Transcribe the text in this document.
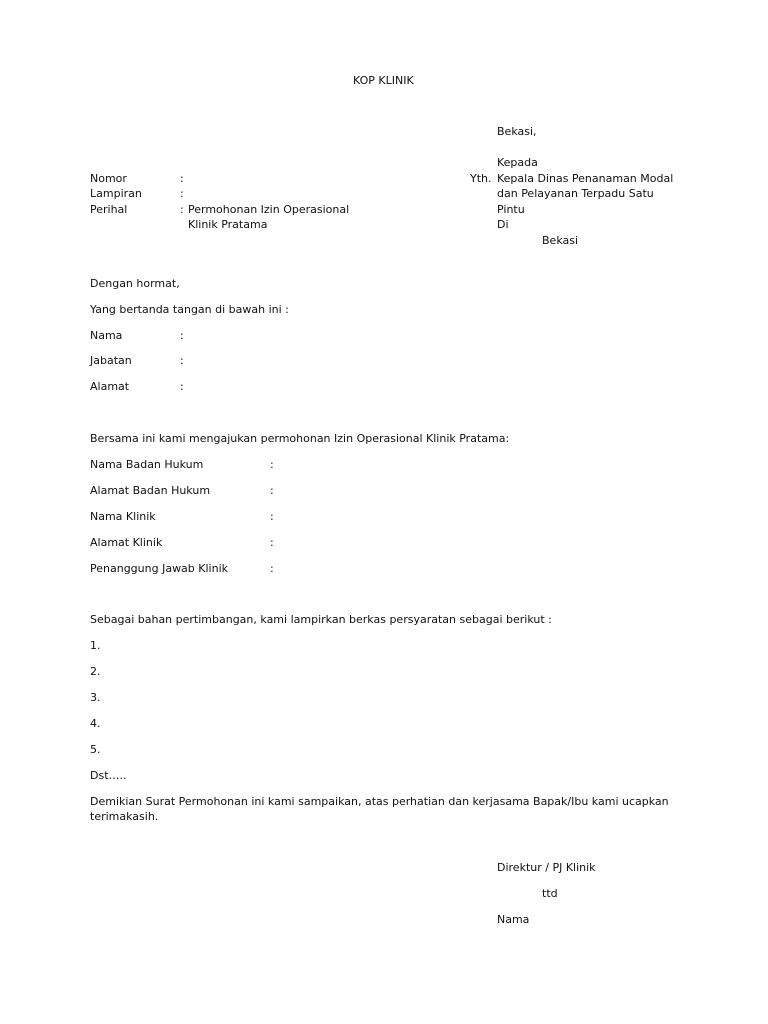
KOP KLINIK
Bekasi,
Kepada
Yth. Kepala Dinas Penanaman Modal
dan Pelayanan Terpadu Satu
Pintu
Di
Bekasi
Nomor	:
Lampiran	:
Perihal	: Permohonan Izin Operasional
Klinik Pratama
Dengan hormat,
Yang bertanda tangan di bawah ini :
Nama	:
Jabatan	:
Alamat	:
Bersama ini kami mengajukan permohonan Izin Operasional Klinik Pratama:
Nama Badan Hukum	:
Alamat Badan Hukum	:
Nama Klinik	:
Alamat Klinik	:
Penanggung Jawab Klinik	:
Sebagai bahan pertimbangan, kami lampirkan berkas persyaratan sebagai berikut :
1.
2.
3.
4.
5.
Dst…..
Demikian Surat Permohonan ini kami sampaikan, atas perhatian dan kerjasama Bapak/Ibu kami ucapkan
terimakasih.
Direktur / PJ Klinik
ttd
Nama
